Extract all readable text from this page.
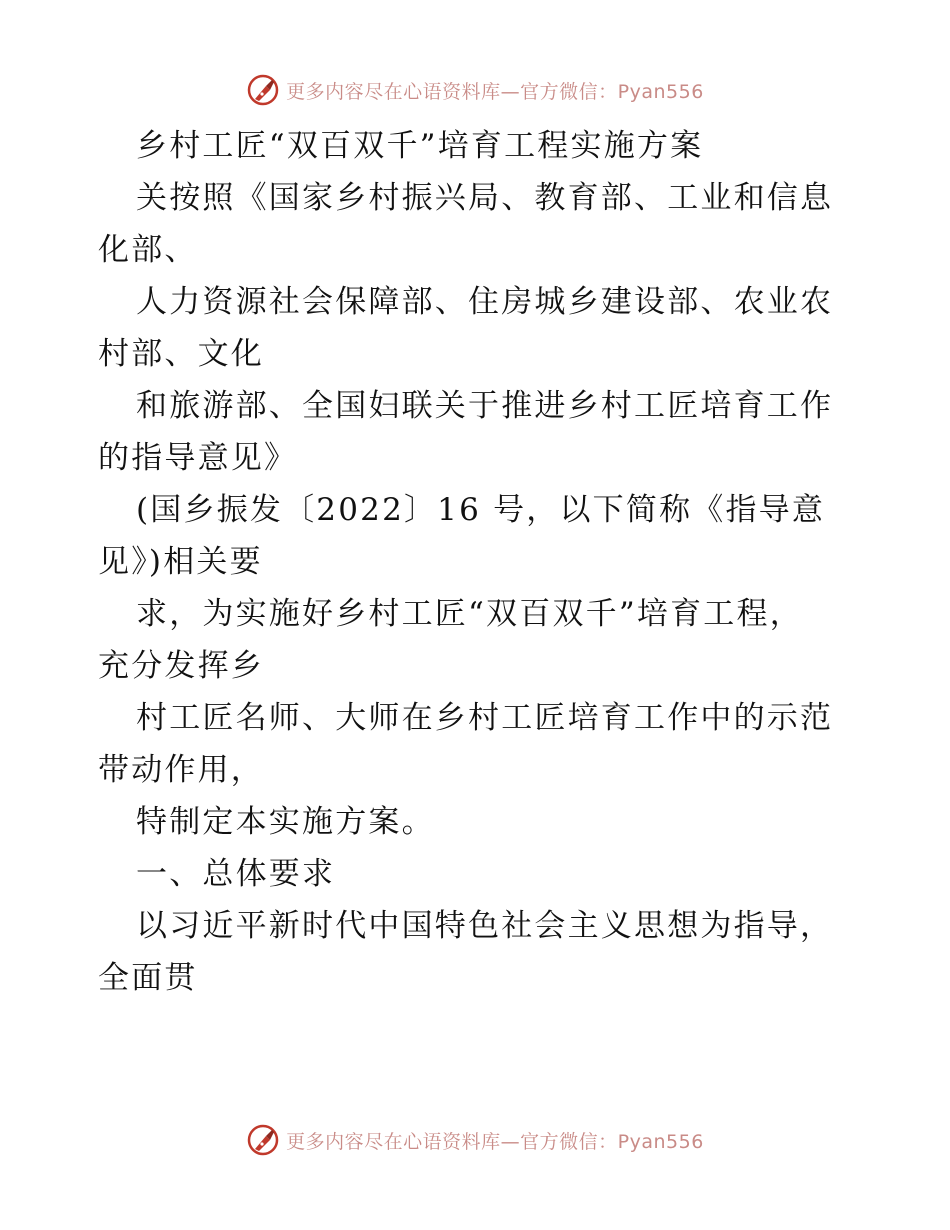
更多内容尽在心语资料库—官方微信：Pyan556

乡村工匠“双百双千”培育工程实施方案

关按照《国家乡村振兴局、教育部、工业和信息

化部、

人力资源社会保障部、住房城乡建设部、农业农

村部、文化

和旅游部、全国妇联关于推进乡村工匠培育工作

的指导意见》

(国乡振发〔2022〕16 号，以下简称《指导意

见》)相关要

求，为实施好乡村工匠“双百双千”培育工程，

充分发挥乡

村工匠名师、大师在乡村工匠培育工作中的示范

带动作用，

特制定本实施方案。

一、总体要求

以习近平新时代中国特色社会主义思想为指导，

全面贯

更多内容尽在心语资料库—官方微信：Pyan556
